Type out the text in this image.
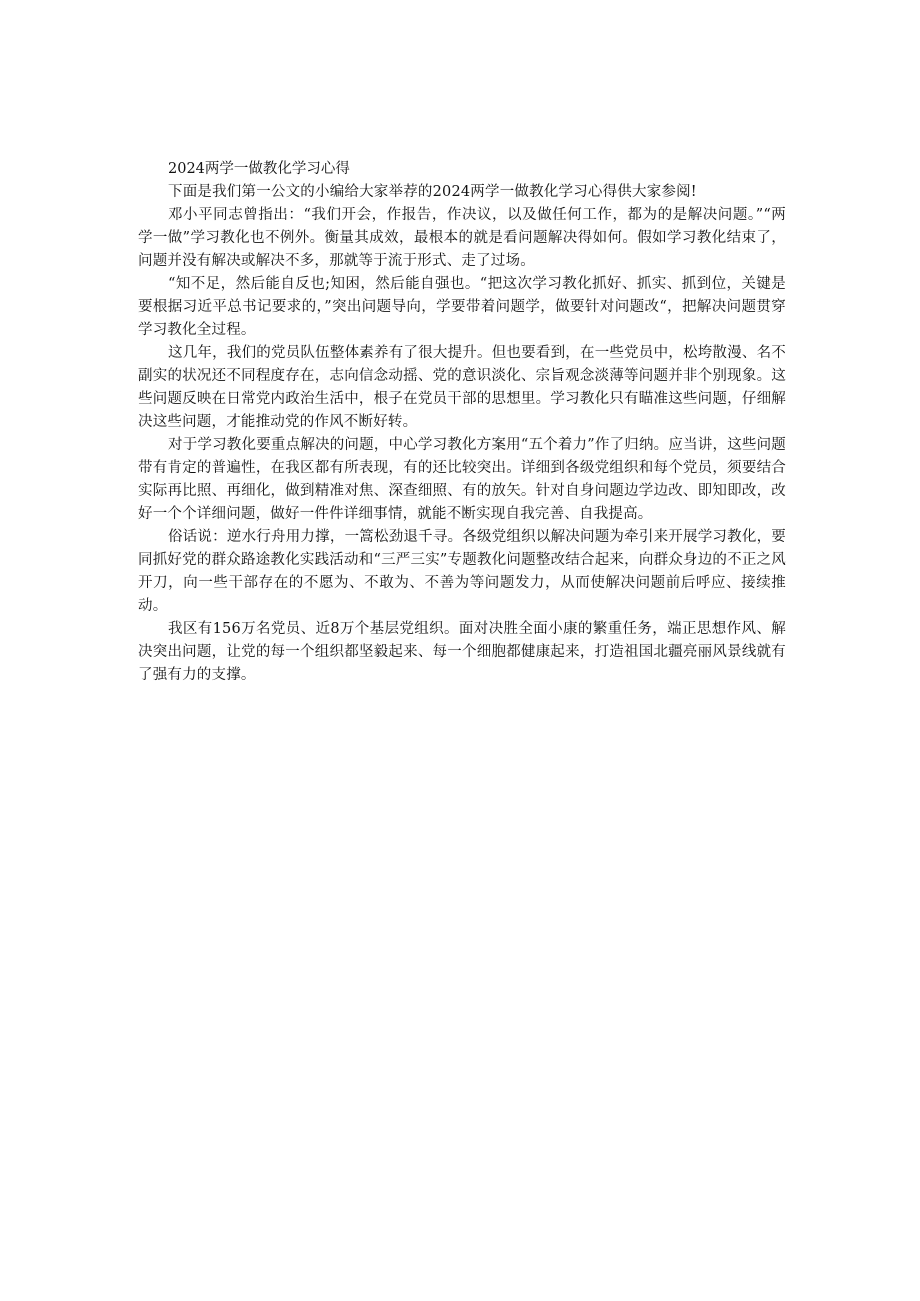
2024两学一做教化学习心得

下面是我们第一公文的小编给大家举荐的2024两学一做教化学习心得供大家参阅!

邓小平同志曾指出：“我们开会，作报告，作决议，以及做任何工作，都为的是解决问题。”“两学一做”学习教化也不例外。衡量其成效，最根本的就是看问题解决得如何。假如学习教化结束了，问题并没有解决或解决不多，那就等于流于形式、走了过场。

“知不足，然后能自反也;知困，然后能自强也。“把这次学习教化抓好、抓实、抓到位，关键是要根据习近平总书记要求的，”突出问题导向，学要带着问题学，做要针对问题改“，把解决问题贯穿学习教化全过程。

这几年，我们的党员队伍整体素养有了很大提升。但也要看到，在一些党员中，松垮散漫、名不副实的状况还不同程度存在，志向信念动摇、党的意识淡化、宗旨观念淡薄等问题并非个别现象。这些问题反映在日常党内政治生活中，根子在党员干部的思想里。学习教化只有瞄准这些问题，仔细解决这些问题，才能推动党的作风不断好转。

对于学习教化要重点解决的问题，中心学习教化方案用“五个着力”作了归纳。应当讲，这些问题带有肯定的普遍性，在我区都有所表现，有的还比较突出。详细到各级党组织和每个党员，须要结合实际再比照、再细化，做到精准对焦、深查细照、有的放矢。针对自身问题边学边改、即知即改，改好一个个详细问题，做好一件件详细事情，就能不断实现自我完善、自我提高。

俗话说：逆水行舟用力撑，一篙松劲退千寻。各级党组织以解决问题为牵引来开展学习教化，要同抓好党的群众路途教化实践活动和“三严三实”专题教化问题整改结合起来，向群众身边的不正之风开刀，向一些干部存在的不愿为、不敢为、不善为等问题发力，从而使解决问题前后呼应、接续推动。

我区有156万名党员、近8万个基层党组织。面对决胜全面小康的繁重任务，端正思想作风、解决突出问题，让党的每一个组织都坚毅起来、每一个细胞都健康起来，打造祖国北疆亮丽风景线就有了强有力的支撑。
